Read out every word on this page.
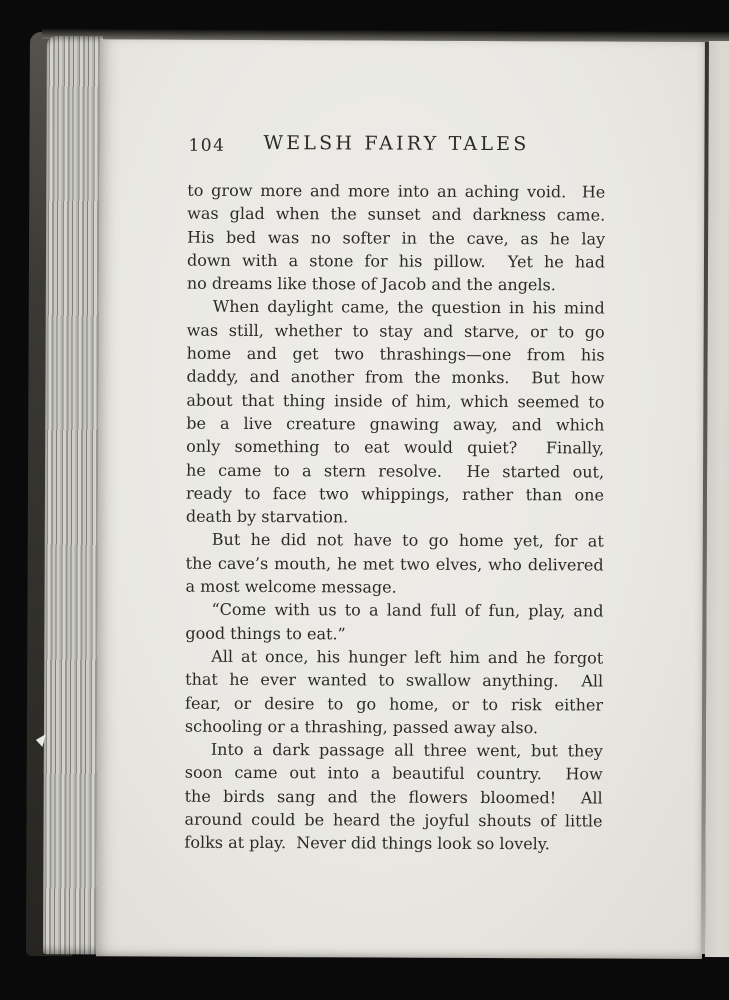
104	WELSH FAIRY TALES
to grow more and more into an aching void.  He
was glad when the sunset and darkness came.
His bed was no softer in the cave, as he lay
down with a stone for his pillow.  Yet he had
no dreams like those of Jacob and the angels.
When daylight came, the question in his mind
was still, whether to stay and starve, or to go
home and get two thrashings—one from his
daddy, and another from the monks.  But how
about that thing inside of him, which seemed to
be a live creature gnawing away, and which
only something to eat would quiet?  Finally,
he came to a stern resolve.  He started out,
ready to face two whippings, rather than one
death by starvation.
But he did not have to go home yet, for at
the cave’s mouth, he met two elves, who delivered
a most welcome message.
“Come with us to a land full of fun, play, and
good things to eat.”
All at once, his hunger left him and he forgot
that he ever wanted to swallow anything.  All
fear, or desire to go home, or to risk either
schooling or a thrashing, passed away also.
Into a dark passage all three went, but they
soon came out into a beautiful country.  How
the birds sang and the flowers bloomed!  All
around could be heard the joyful shouts of little
folks at play.  Never did things look so lovely.
